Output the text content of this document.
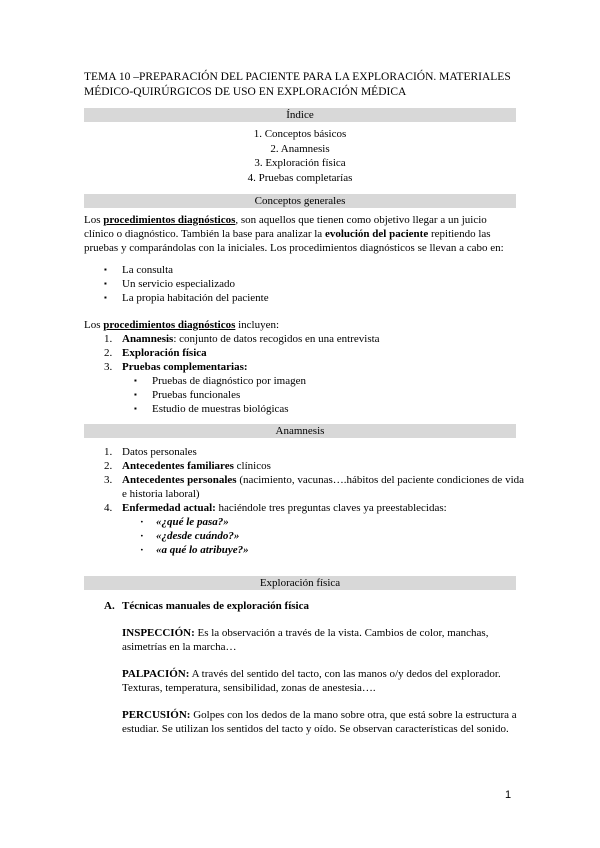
TEMA 10 –PREPARACIÓN DEL PACIENTE PARA LA EXPLORACIÓN. MATERIALES MÉDICO-QUIRÚRGICOS DE USO EN EXPLORACIÓN MÉDICA
Índice
1. Conceptos básicos
2. Anamnesis
3. Exploración física
4. Pruebas completarías
Conceptos generales
Los procedimientos diagnósticos, son aquellos que tienen como objetivo llegar a un juicio clínico o diagnóstico. También la base para analizar la evolución del paciente repitiendo las pruebas y comparándolas con la iniciales. Los procedimientos diagnósticos se llevan a cabo en:
▪ La consulta
▪ Un servicio especializado
▪ La propia habitación del paciente
Los procedimientos diagnósticos incluyen:
1. Anamnesis: conjunto de datos recogidos en una entrevista
2. Exploración física
3. Pruebas complementarias:
▪ Pruebas de diagnóstico por imagen
▪ Pruebas funcionales
▪ Estudio de muestras biológicas
Anamnesis
1. Datos personales
2. Antecedentes familiares clínicos
3. Antecedentes personales (nacimiento, vacunas….hábitos del paciente condiciones de vida e historia laboral)
4. Enfermedad actual: haciéndole tres preguntas claves ya preestablecidas:
· «¿qué le pasa?»
· «¿desde cuándo?»
· «a qué lo atribuye?»
Exploración física
A. Técnicas manuales de exploración física
INSPECCIÓN: Es la observación a través de la vista. Cambios de color, manchas, asimetrías en la marcha…
PALPACIÓN: A través del sentido del tacto, con las manos o/y dedos del explorador. Texturas, temperatura, sensibilidad, zonas de anestesia….
PERCUSIÓN: Golpes con los dedos de la mano sobre otra, que está sobre la estructura a estudiar. Se utilizan los sentidos del tacto y oído. Se observan características del sonido.
1
